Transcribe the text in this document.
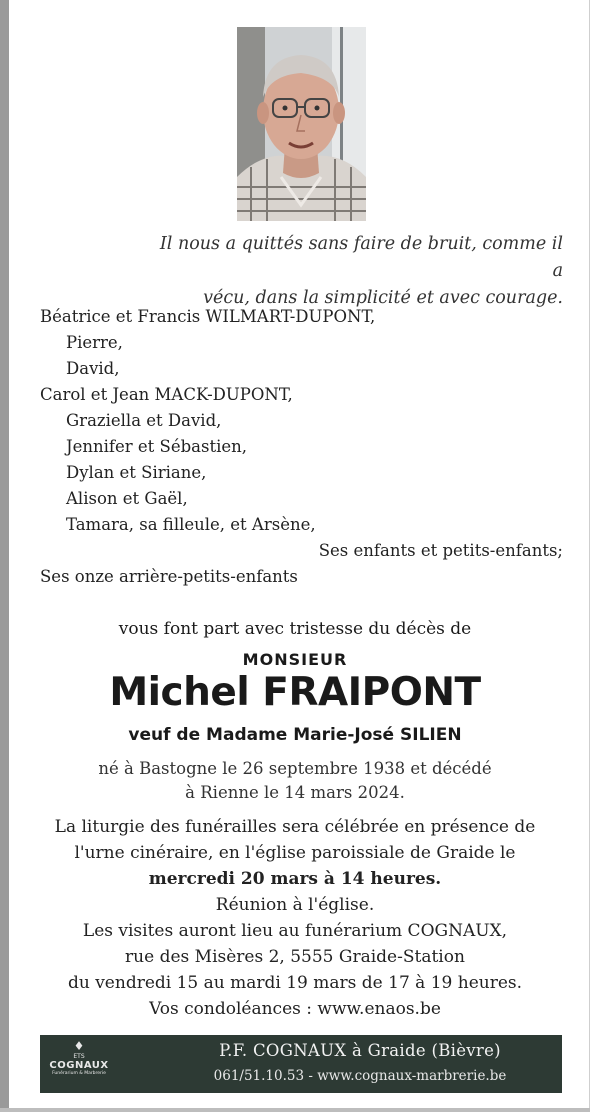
Il nous a quittés sans faire de bruit, comme il a
vécu, dans la simplicité et avec courage.
Béatrice et Francis WILMART-DUPONT,
Pierre,
David,
Carol et Jean MACK-DUPONT,
Graziella et David,
Jennifer et Sébastien,
Dylan et Siriane,
Alison et Gaël,
Tamara, sa filleule, et Arsène,
Ses enfants et petits-enfants;
Ses onze arrière-petits-enfants
vous font part avec tristesse du décès de
MONSIEUR
Michel FRAIPONT
veuf de Madame Marie-José SILIEN
né à Bastogne le 26 septembre 1938 et décédé
à Rienne le 14 mars 2024.
La liturgie des funérailles sera célébrée en présence de
l'urne cinéraire, en l'église paroissiale de Graide le
mercredi 20 mars à 14 heures.
Réunion à l'église.
Les visites auront lieu au funérarium COGNAUX,
rue des Misères 2, 5555 Graide-Station
du vendredi 15 au mardi 19 mars de 17 à 19 heures.
Vos condoléances : www.enaos.be
♦
ETS
COGNAUX
Funérarium & Marbrerie
P.F. COGNAUX à Graide (Bièvre)
061/51.10.53 - www.cognaux-marbrerie.be
